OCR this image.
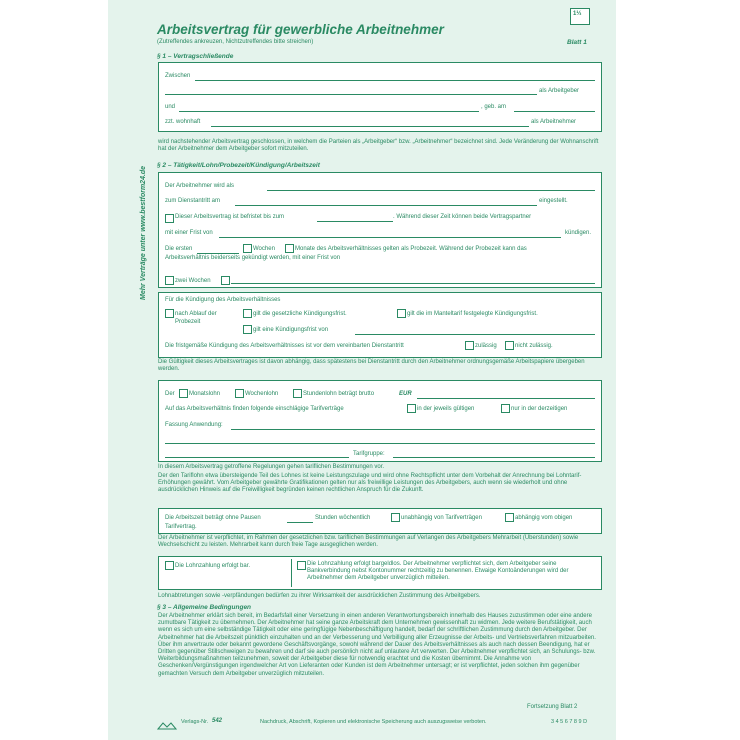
Mehr Verträge unter www.bestform24.de
1⅓
Arbeitsvertrag für gewerbliche Arbeitnehmer
(Zutreffendes ankreuzen, Nichtzutreffendes bitte streichen)	Blatt 1
§ 1 – Vertragschließende
Zwischen
als Arbeitgeber
und	, geb. am
zzt. wohnhaft	als Arbeitnehmer
wird nachstehender Arbeitsvertrag geschlossen, in welchem die Parteien als „Arbeitgeber“ bzw. „Arbeitnehmer“ bezeichnet sind. Jede Veränderung der Wohnanschrift hat der Arbeitnehmer dem Arbeitgeber sofort mitzuteilen.
§ 2 – Tätigkeit/Lohn/Probezeit/Kündigung/Arbeitszeit
Der Arbeitnehmer wird als
zum Dienstantritt am	eingestellt.
Dieser Arbeitsvertrag ist befristet bis zum	. Während dieser Zeit können beide Vertragspartner
mit einer Frist von	kündigen.
Die ersten	Wochen	Monate des Arbeitsverhältnisses gelten als Probezeit. Während der Probezeit kann das
Arbeitsverhältnis beiderseits gekündigt werden, mit einer Frist von
zwei Wochen
Für die Kündigung des Arbeitsverhältnisses
nach Ablauf der
Probezeit
gilt die gesetzliche Kündigungsfrist.	gilt die im Manteltarif festgelegte Kündigungsfrist.
gilt eine Kündigungsfrist von
Die fristgemäße Kündigung des Arbeitsverhältnisses ist vor dem vereinbarten Dienstantritt	zulässig	nicht zulässig.
Die Gültigkeit dieses Arbeitsvertrages ist davon abhängig, dass spätestens bei Dienstantritt durch den Arbeitnehmer ordnungsgemäße Arbeitspapiere übergeben werden.
Der Monatslohn	Wochenlohn	Stundenlohn beträgt brutto	EUR
Auf das Arbeitsverhältnis finden folgende einschlägige Tarifverträge	in der jeweils gültigen	nur in der derzeitigen
Fassung Anwendung:
Tarifgruppe:
In diesem Arbeitsvertrag getroffene Regelungen gehen tariflichen Bestimmungen vor.
Der den Tariflohn etwa übersteigende Teil des Lohnes ist keine Leistungszulage und wird ohne Rechtspflicht unter dem Vorbehalt der Anrechnung bei Lohntarif-Erhöhungen gewährt. Vom Arbeitgeber gewährte Gratifikationen gelten nur als freiwillige Leistungen des Arbeitgebers, auch wenn sie wiederholt und ohne ausdrücklichen Hinweis auf die Freiwilligkeit begründen keinen rechtlichen Anspruch für die Zukunft.
Die Arbeitszeit beträgt ohne Pausen	Stunden wöchentlich	unabhängig von Tarifverträgen	abhängig vom obigen
Tarifvertrag.
Der Arbeitnehmer ist verpflichtet, im Rahmen der gesetzlichen bzw. tariflichen Bestimmungen auf Verlangen des Arbeitgebers Mehrarbeit (Überstunden) sowie Wechselschicht zu leisten. Mehrarbeit kann durch freie Tage ausgeglichen werden.
Die Lohnzahlung erfolgt bar.	Die Lohnzahlung erfolgt bargeldlos. Der Arbeitnehmer verpflichtet sich, dem Arbeitgeber seine Bankverbindung nebst Kontonummer rechtzeitig zu benennen. Etwaige Kontoänderungen wird der Arbeitnehmer dem Arbeitgeber unverzüglich mitteilen.
Lohnabtretungen sowie -verpfändungen bedürfen zu ihrer Wirksamkeit der ausdrücklichen Zustimmung des Arbeitgebers.
§ 3 – Allgemeine Bedingungen
Der Arbeitnehmer erklärt sich bereit, im Bedarfsfall einer Versetzung in einen anderen Verantwortungsbereich innerhalb des Hauses zuzustimmen oder eine andere zumutbare Tätigkeit zu übernehmen. Der Arbeitnehmer hat seine ganze Arbeitskraft dem Unternehmen gewissenhaft zu widmen. Jede weitere Berufstätigkeit, auch wenn es sich um eine selbständige Tätigkeit oder eine geringfügige Nebenbeschäftigung handelt, bedarf der schriftlichen Zustimmung durch den Arbeitgeber. Der Arbeitnehmer hat die Arbeitszeit pünktlich einzuhalten und an der Verbesserung und Verbilligung aller Erzeugnisse der Arbeits- und Vertriebsverfahren mitzuarbeiten. Über ihm anvertraute oder bekannt gewordene Geschäftsvorgänge, sowohl während der Dauer des Arbeitsverhältnisses als auch nach dessen Beendigung, hat er Dritten gegenüber Stillschweigen zu bewahren und darf sie auch persönlich nicht auf unlautere Art verwerten. Der Arbeitnehmer verpflichtet sich, an Schulungs- bzw. Weiterbildungsmaßnahmen teilzunehmen, soweit der Arbeitgeber diese für notwendig erachtet und die Kosten übernimmt. Die Annahme von Geschenken/Vergünstigungen irgendwelcher Art von Lieferanten oder Kunden ist dem Arbeitnehmer untersagt; er ist verpflichtet, jeden solchen ihm gegenüber gemachten Versuch dem Arbeitgeber unverzüglich mitzuteilen.
Fortsetzung Blatt 2
Verlags-Nr. 542	Nachdruck, Abschrift, Kopieren und elektronische Speicherung auch auszugsweise verboten.	3 4 5 6 7 8 9 D
